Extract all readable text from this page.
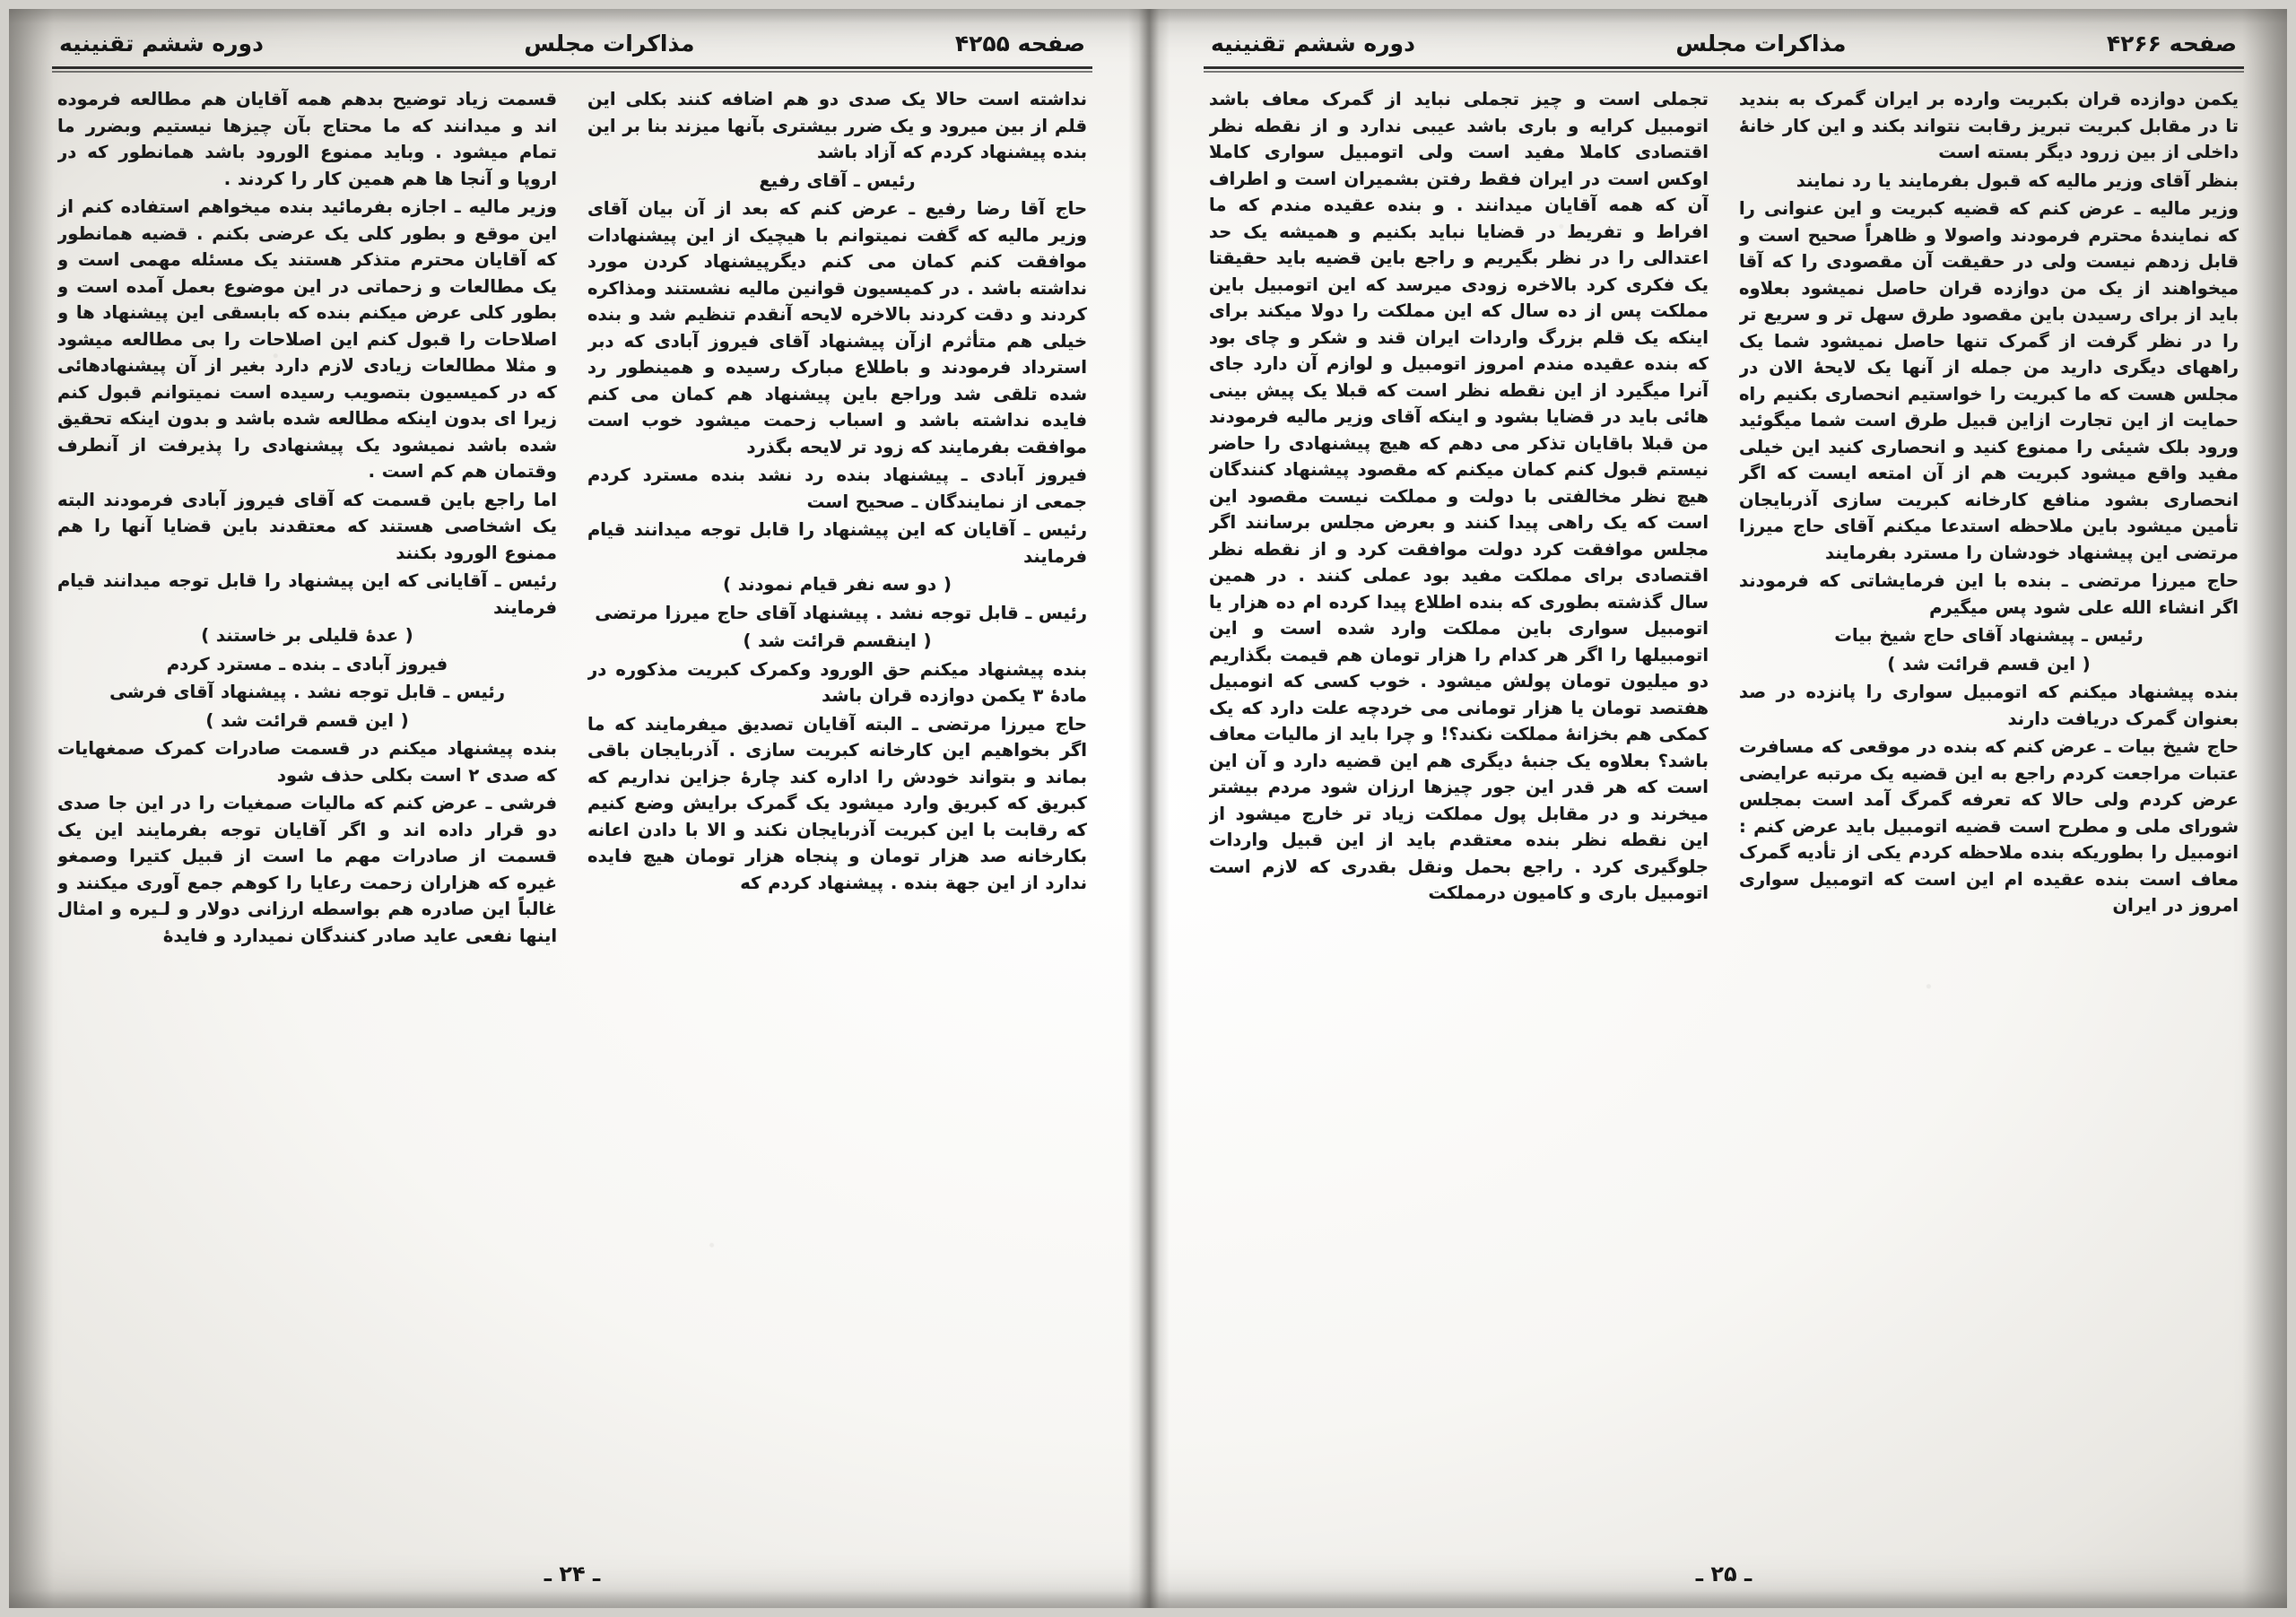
دوره ششم تقنینیه	مذاکرات مجلس	صفحه ۴۲۵۵

نداشته است حالا یک صدی دو هم اضافه کنند بکلی این قلم از بین میرود و یک ضرر بیشتری بآنها میزند بنا بر این بنده پیشنهاد کردم که آزاد باشد

رئیس ـ آقای رفیع

حاج آقا رضا رفیع ـ عرض کنم که بعد از آن بیان آقای وزیر مالیه که گفت نمیتوانم با هیچیک از این پیشنهادات موافقت کنم کمان می کنم دیگرپیشنهاد کردن مورد نداشته باشد . در کمیسیون قوانین مالیه نشستند ومذاکره کردند و دقت کردند بالاخره لایحه آنقدم تنظیم شد و بنده خیلی هم متأثرم ازآن پیشنهاد آقای فیروز آبادی که دبر استرداد فرمودند و باطلاع مبارک رسیده و همینطور رد شده تلقی شد وراجع باین پیشنهاد هم کمان می کنم فایده نداشته باشد و اسباب زحمت میشود خوب است موافقت بفرمایند که زود تر لایحه بگذرد

فیروز آبادی ـ پیشنهاد بنده رد نشد بنده مسترد کردم جمعی از نمایندگان ـ صحیح است

رئیس ـ آقایان که این پیشنهاد را قابل توجه میدانند قیام فرمایند

( دو سه نفر قیام نمودند )

رئیس ـ قابل توجه نشد . پیشنهاد آقای حاج میرزا مرتضی

( اینقسم قرائت شد )

بنده پیشنهاد میکنم حق الورود وکمرک کبریت مذکوره در مادهٔ ۳ یکمن دوازده قران باشد

حاج میرزا مرتضی ـ البته آقایان تصدیق میفرمایند که ما اگر بخواهیم این کارخانه کبریت سازی . آذربایجان باقی بماند و بتواند خودش را اداره کند چارهٔ جزاین نداریم که کبریق که کبریق وارد میشود یک گمرک برایش وضع کنیم که رقابت با این کبریت آذربایجان نکند و الا با دادن اعانه بکارخانه صد هزار تومان و پنجاه هزار تومان هیچ فایده ندارد از این جهة بنده . پیشنهاد کردم که

قسمت زیاد توضیح بدهم همه آقایان هم مطالعه فرموده اند و میدانند که ما محتاج بآن چیزها نیستیم وبضرر ما تمام میشود . وباید ممنوع الورود باشد همانطور که در اروپا و آنجا ها هم همین کار را کردند .

وزیر مالیه ـ اجازه بفرمائید بنده میخواهم استفاده کنم از این موقع و بطور کلی یک عرضی بکنم . قضیه همانطور که آقایان محترم متذکر هستند یک مسئله مهمی است و یک مطالعات و زحماتی در این موضوع بعمل آمده است و بطور کلی عرض میکنم بنده که بابسقی این پیشنهاد ها و اصلاحات را قبول کنم این اصلاحات را بی مطالعه میشود و مثلا مطالعات زیادی لازم دارد بغیر از آن پیشنهادهائی که در کمیسیون بتصویب رسیده است نمیتوانم قبول کنم زیرا ای بدون اینکه مطالعه شده باشد و بدون اینکه تحقیق شده باشد نمیشود یک پیشنهادی را پذیرفت از آنطرف وقتمان هم کم است .

اما راجع باین قسمت که آقای فیروز آبادی فرمودند البته یک اشخاصی هستند که معتقدند باین قضایا آنها را هم ممنوع الورود بکنند

رئیس ـ آقایانی که این پیشنهاد را قابل توجه میدانند قیام فرمایند

( عدهٔ قلیلی بر خاستند )

فیروز آبادی ـ بنده ـ مسترد کردم

رئیس ـ قابل توجه نشد . پیشنهاد آقای فرشی

( این قسم قرائت شد )

بنده پیشنهاد میکنم در قسمت صادرات کمرک صمغهایات که صدی ۲ است بکلی حذف شود

فرشی ـ عرض کنم که مالیات صمغیات را در این جا صدی دو قرار داده اند و اگر آقایان توجه بفرمایند این یک قسمت از صادرات مهم ما است از قبیل کتیرا وصمغو غیره که هزاران زحمت رعایا را کوهم جمع آوری میکنند و غالباً این صادره هم بواسطه ارزانی دولار و لـیره و امثال اینها نفعی عاید صادر کنندگان نمیدارد و فایدهٔ

ـ ۲۴ ـ
دوره ششم تقنینیه	مذاکرات مجلس	صفحه ۴۲۶۶

یکمن دوازده قران بکبریت وارده بر ایران گمرک به بندید تا در مقابل کبریت تبریز رقابت نتواند بکند و این کار خانهٔ داخلی از بین زرود دیگر بسته است

بنظر آقای وزیر مالیه که قبول بفرمایند یا رد نمایند

وزیر مالیه ـ عرض کنم که قضیه کبریت و این عنوانی را که نمایندهٔ محترم فرمودند واصولا و ظاهراً صحیح است و قابل زدهم نیست ولی در حقیقت آن مقصودی را که آقا میخواهند از یک من دوازده قران حاصل نمیشود بعلاوه باید از برای رسیدن باین مقصود طرق سهل تر و سریع تر را در نظر گرفت از گمرک تنها حاصل نمیشود شما یک راههای دیگری دارید من جمله از آنها یک لایحهٔ الان در مجلس هست که ما کبریت را خواستیم انحصاری بکنیم راه حمایت از این تجارت ازاین قبیل طرق است شما میگوئید ورود بلک شیئی را ممنوع کنید و انحصاری کنید این خیلی مفید واقع میشود کبریت هم از آن امتعه ایست که اگر انحصاری بشود منافع کارخانه کبریت سازی آذربایجان تأمین میشود باین ملاحظه استدعا میکنم آقای حاج میرزا مرتضی این پیشنهاد خودشان را مسترد بفرمایند

حاج میرزا مرتضی ـ بنده با این فرمایشاتی که فرمودند اگر انشاء الله علی شود پس میگیرم

رئیس ـ پیشنهاد آقای حاج شیخ بیات

( این قسم قرائت شد )

بنده پیشنهاد میکنم که اتومبیل سواری را پانزده در صد بعنوان گمرک دریافت دارند

حاج شیخ بیات ـ عرض کنم که بنده در موقعی که مسافرت عتبات مراجعت کردم راجع به این قضیه یک مرتبه عرایضی عرض کردم ولی حالا که تعرفه گمرگ آمد است بمجلس شورای ملی و مطرح است قضیه اتومبیل باید عرض کنم : انومبیل را بطوریکه بنده ملاحظه کردم یکی از تأدیه گمرک معاف است بنده عقیده ام این است که اتومبیل سواری امروز در ایران

تجملی است و چیز تجملی نباید از گمرک معاف باشد اتومبیل کرایه و باری باشد عیبی ندارد و از نقطه نظر اقتصادی کاملا مفید است ولی اتومبیل سواری کاملا اوکس است در ایران فقط رفتن بشمیران است و اطراف آن که همه آقایان میدانند . و بنده عقیده مندم که ما افراط و تفریط در قضایا نباید بکنیم و همیشه یک حد اعتدالی را در نظر بگیریم و راجع باین قضیه باید حقیقتا یک فکری کرد بالاخره زودی میرسد که این اتومبیل باین مملکت پس از ده سال که این مملکت را دولا میکند برای اینکه یک قلم بزرگ واردات ایران قند و شکر و چای بود که بنده عقیده مندم امروز اتومبیل و لوازم آن دارد جای آنرا میگیرد از این نقطه نظر است که قبلا یک پیش بینی هائی باید در قضایا بشود و اینکه آقای وزیر مالیه فرمودند من قبلا باقایان تذکر می دهم که هیچ پیشنهادی را حاضر نیستم قبول کنم کمان میکنم که مقصود پیشنهاد کنندگان هیچ نظر مخالفتی با دولت و مملکت نیست مقصود این است که یک راهی پیدا کنند و بعرض مجلس برسانند اگر مجلس موافقت کرد دولت موافقت کرد و از نقطه نظر اقتصادی برای مملکت مفید بود عملی کنند . در همین سال گذشته بطوری که بنده اطلاع پیدا کرده ام ده هزار یا اتومبیل سواری باین مملکت وارد شده است و این اتومبیلها را اگر هر کدام را هزار تومان هم قیمت بگذاریم دو میلیون تومان پولش میشود . خوب کسی که انومبیل هفتصد تومان یا هزار تومانی می خردچه علت دارد که یک کمکی هم بخزانهٔ مملکت نکند؟! و چرا باید از مالیات معاف باشد؟ بعلاوه یک جنبهٔ دیگری هم این قضیه دارد و آن این است که هر قدر این جور چیزها ارزان شود مردم بیشتر میخرند و در مقابل پول مملکت زیاد تر خارج میشود از این نقطه نظر بنده معتقدم باید از این قبیل واردات جلوگیری کرد . راجع بحمل ونقل بقدری که لازم است اتومبیل باری و کامیون درمملکت

ـ ۲۵ ـ
